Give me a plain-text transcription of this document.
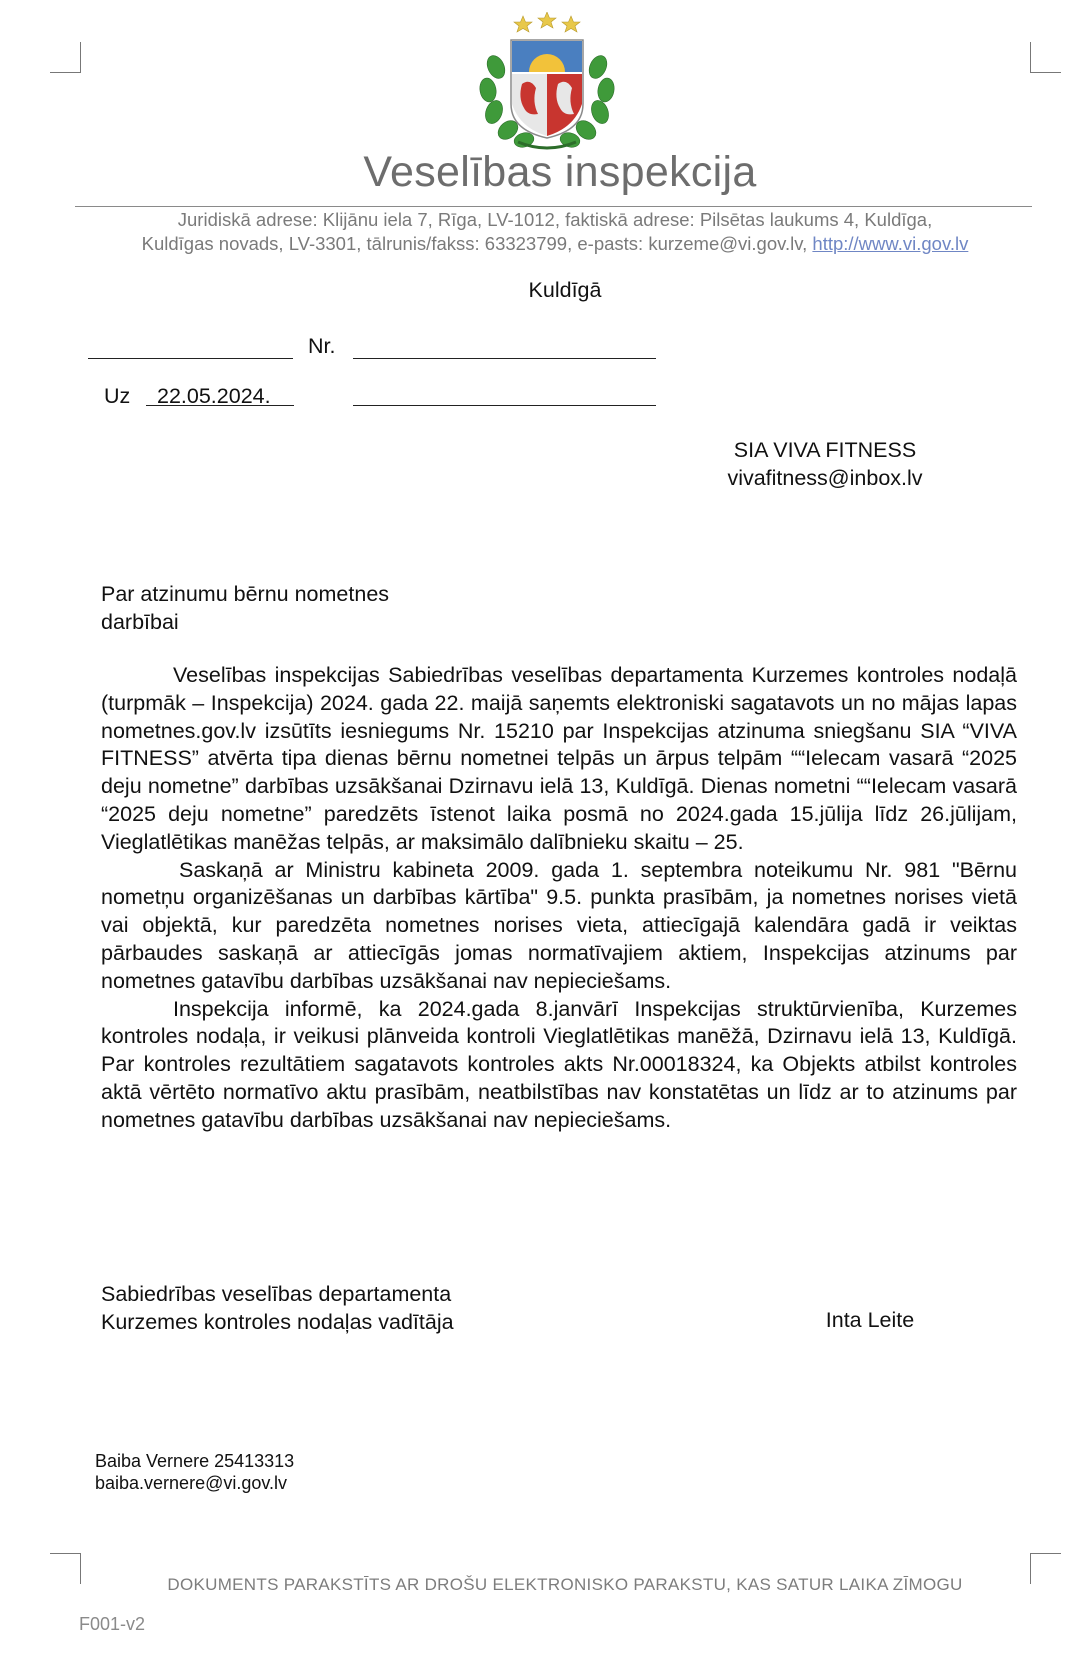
Veselības inspekcija
Juridiskā adrese: Klijānu iela 7, Rīga, LV-1012, faktiskā adrese: Pilsētas laukums 4, Kuldīga,
Kuldīgas novads, LV-3301, tālrunis/fakss: 63323799, e-pasts: kurzeme@vi.gov.lv, http://www.vi.gov.lv
Kuldīgā
Nr.
Uz 22.05.2024.
SIA VIVA FITNESS
vivafitness@inbox.lv
Par atzinumu bērnu nometnes
darbībai

Veselības inspekcijas Sabiedrības veselības departamenta Kurzemes kontroles nodaļā (turpmāk – Inspekcija) 2024. gada 22. maijā saņemts elektroniski sagatavots un no mājas lapas nometnes.gov.lv izsūtīts iesniegums Nr. 15210 par Inspekcijas atzinuma sniegšanu SIA “VIVA FITNESS” atvērta tipa dienas bērnu nometnei telpās un ārpus telpām ““Ielecam vasarā “2025 deju nometne” darbības uzsākšanai Dzirnavu ielā 13, Kuldīgā. Dienas nometni ““Ielecam vasarā “2025 deju nometne” paredzēts īstenot laika posmā no 2024.gada 15.jūlija līdz 26.jūlijam, Vieglatlētikas manēžas telpās, ar maksimālo dalībnieku skaitu – 25.

Saskaņā ar Ministru kabineta 2009. gada 1. septembra noteikumu Nr. 981 "Bērnu nometņu organizēšanas un darbības kārtība" 9.5. punkta prasībām, ja nometnes norises vietā vai objektā, kur paredzēta nometnes norises vieta, attiecīgajā kalendāra gadā ir veiktas pārbaudes saskaņā ar attiecīgās jomas normatīvajiem aktiem, Inspekcijas atzinums par nometnes gatavību darbības uzsākšanai nav nepieciešams.

Inspekcija informē, ka 2024.gada 8.janvārī Inspekcijas struktūrvienība, Kurzemes kontroles nodaļa, ir veikusi plānveida kontroli Vieglatlētikas manēžā, Dzirnavu ielā 13, Kuldīgā. Par kontroles rezultātiem sagatavots kontroles akts Nr.00018324, ka Objekts atbilst kontroles aktā vērtēto normatīvo aktu prasībām, neatbilstības nav konstatētas un līdz ar to atzinums par nometnes gatavību darbības uzsākšanai nav nepieciešams.

Sabiedrības veselības departamenta
Kurzemes kontroles nodaļas vadītāja	Inta Leite
Baiba Vernere 25413313
baiba.vernere@vi.gov.lv
DOKUMENTS PARAKSTĪTS AR DROŠU ELEKTRONISKO PARAKSTU, KAS SATUR LAIKA ZĪMOGU
F001-v2
